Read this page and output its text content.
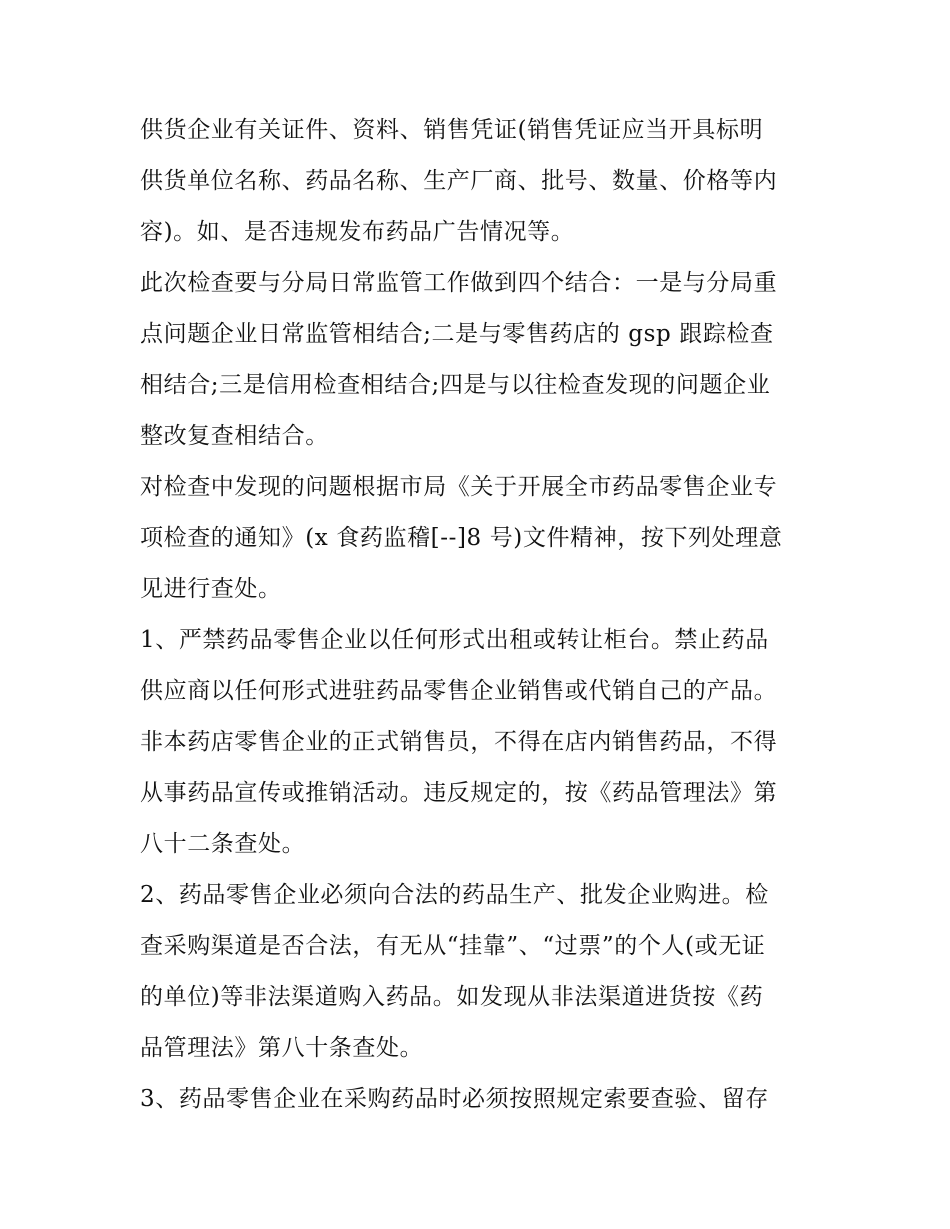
供货企业有关证件、资料、销售凭证(销售凭证应当开具标明
供货单位名称、药品名称、生产厂商、批号、数量、价格等内
容)。如、是否违规发布药品广告情况等。
此次检查要与分局日常监管工作做到四个结合：一是与分局重
点问题企业日常监管相结合;二是与零售药店的 gsp 跟踪检查
相结合;三是信用检查相结合;四是与以往检查发现的问题企业
整改复查相结合。
对检查中发现的问题根据市局《关于开展全市药品零售企业专
项检查的通知》(x 食药监稽[--]8 号)文件精神，按下列处理意
见进行查处。
1、严禁药品零售企业以任何形式出租或转让柜台。禁止药品
供应商以任何形式进驻药品零售企业销售或代销自己的产品。
非本药店零售企业的正式销售员，不得在店内销售药品，不得
从事药品宣传或推销活动。违反规定的，按《药品管理法》第
八十二条查处。
2、药品零售企业必须向合法的药品生产、批发企业购进。检
查采购渠道是否合法，有无从“挂靠”、“过票”的个人(或无证
的单位)等非法渠道购入药品。如发现从非法渠道进货按《药
品管理法》第八十条查处。
3、药品零售企业在采购药品时必须按照规定索要查验、留存
